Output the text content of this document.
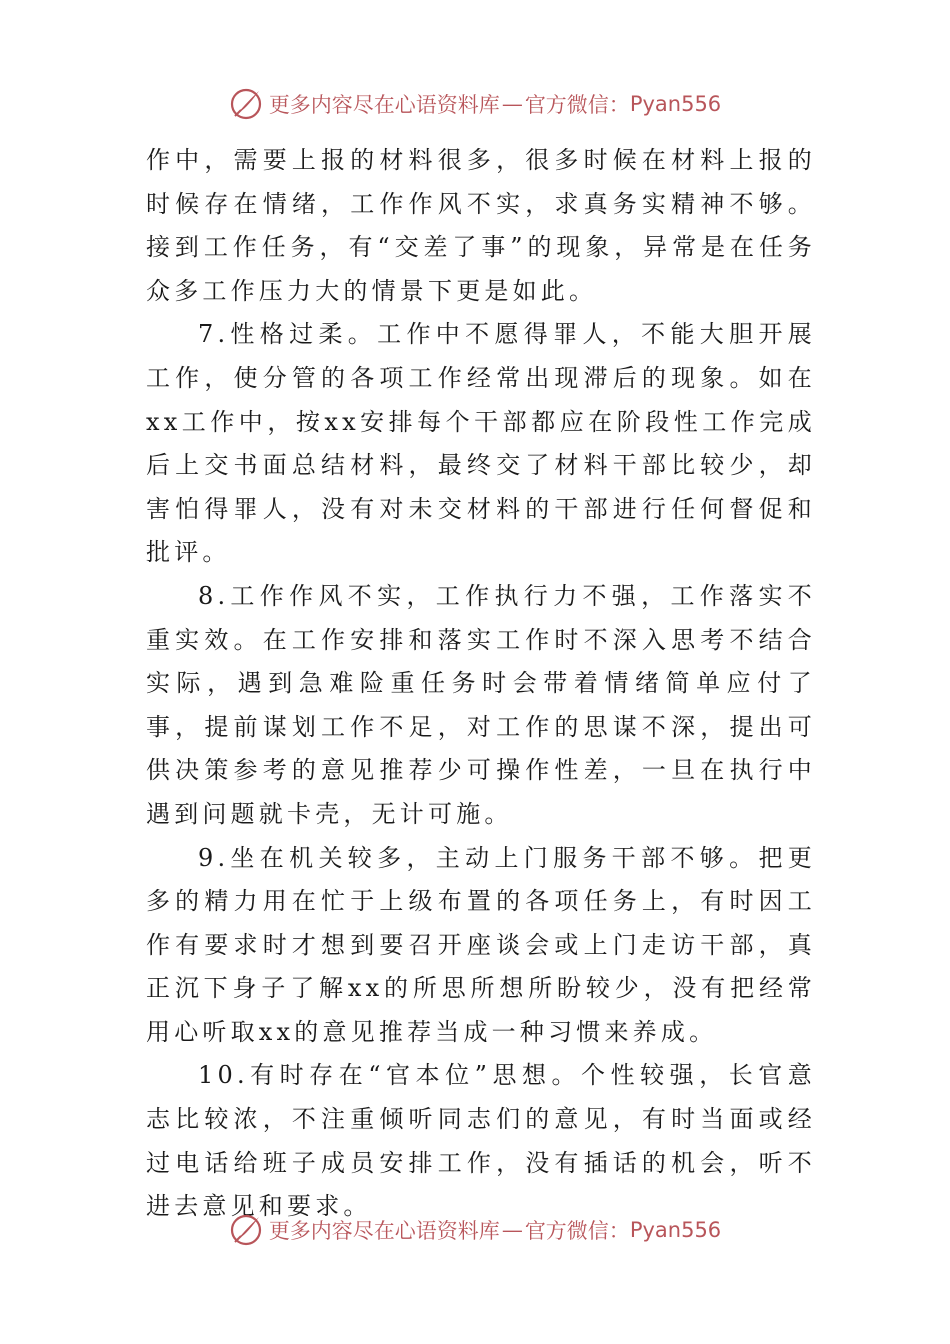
更多内容尽在心语资料库 — 官方微信： Pyan556

作中，需要上报的材料很多，很多时候在材料上报的时候存在情绪，工作作风不实，求真务实精神不够。接到工作任务，有“交差了事”的现象，异常是在任务众多工作压力大的情景下更是如此。

7.性格过柔。工作中不愿得罪人，不能大胆开展工作，使分管的各项工作经常出现滞后的现象。如在xx工作中，按xx安排每个干部都应在阶段性工作完成后上交书面总结材料，最终交了材料干部比较少，却害怕得罪人，没有对未交材料的干部进行任何督促和批评。

8.工作作风不实，工作执行力不强，工作落实不重实效。在工作安排和落实工作时不深入思考不结合实际，遇到急难险重任务时会带着情绪简单应付了事，提前谋划工作不足，对工作的思谋不深，提出可供决策参考的意见推荐少可操作性差，一旦在执行中遇到问题就卡壳，无计可施。

9.坐在机关较多，主动上门服务干部不够。把更多的精力用在忙于上级布置的各项任务上，有时因工作有要求时才想到要召开座谈会或上门走访干部，真正沉下身子了解xx的所思所想所盼较少，没有把经常用心听取xx的意见推荐当成一种习惯来养成。

10.有时存在“官本位”思想。个性较强，长官意志比较浓，不注重倾听同志们的意见，有时当面或经过电话给班子成员安排工作，没有插话的机会，听不进去意见和要求。

更多内容尽在心语资料库 — 官方微信： Pyan556
